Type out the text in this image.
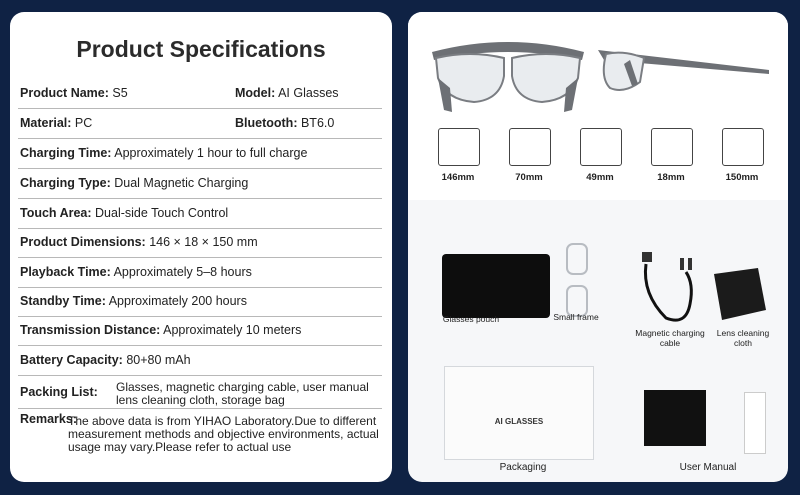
Product Specifications
Product Name: S5	Model: AI Glasses
Material: PC	Bluetooth: BT6.0
Charging Time: Approximately 1 hour to full charge
Charging Type: Dual Magnetic Charging
Touch Area: Dual-side Touch Control
Product Dimensions: 146 × 18 × 150 mm
Playback Time: Approximately 5–8 hours
Standby Time: Approximately 200 hours
Transmission Distance: Approximately 10 meters
Battery Capacity: 80+80 mAh
Packing List: Glasses, magnetic charging cable, user manual
lens cleaning cloth, storage bag
Remarks:
The above data is from YIHAO Laboratory.Due to different
measurement methods and objective environments, actual
usage may vary.Please refer to actual use
146mm	70mm	49mm	18mm	150mm
Glasses pouch	Small frame
Magnetic charging
cable
Lens cleaning
cloth
AI GLASSES
Packaging	User Manual
